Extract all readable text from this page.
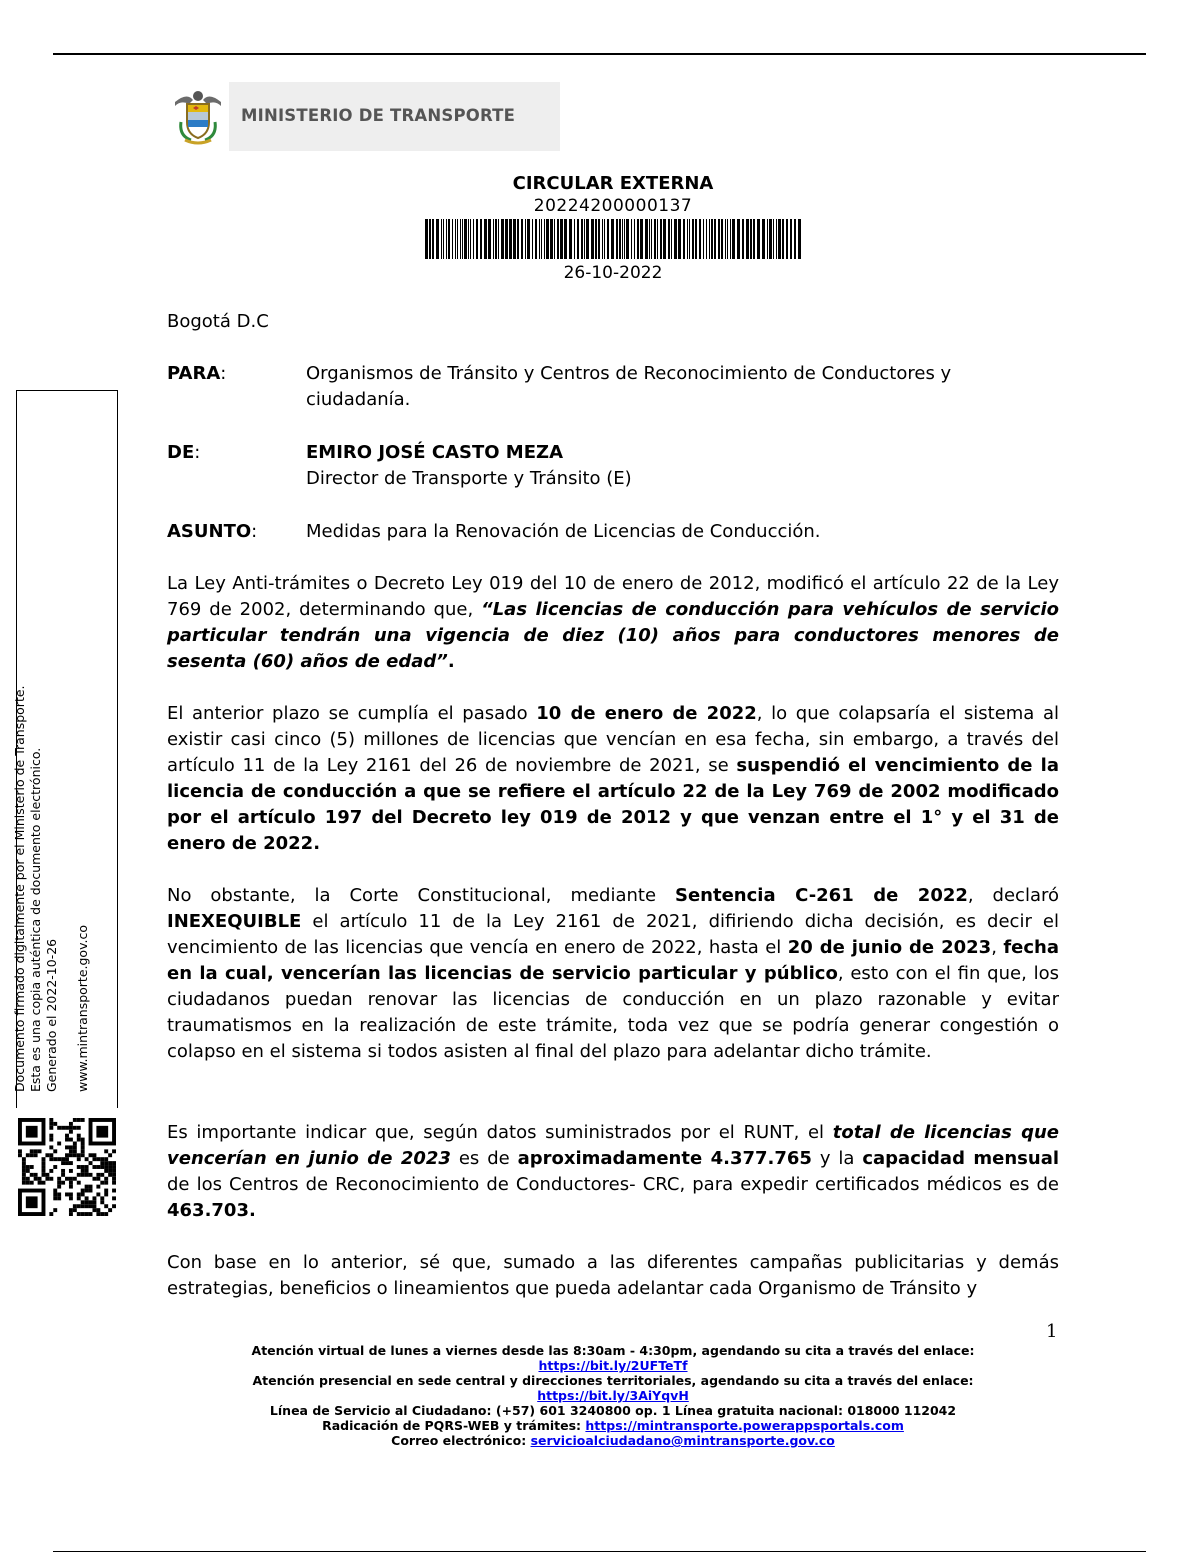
MINISTERIO DE TRANSPORTE
CIRCULAR EXTERNA
20224200000137
26-10-2022
Bogotá D.C
PARA:	Organismos de Tránsito y Centros de Reconocimiento de Conductores y ciudadanía.
DE:	EMIRO JOSÉ CASTO MEZA
Director de Transporte y Tránsito (E)
ASUNTO:	Medidas para la Renovación de Licencias de Conducción.
La Ley Anti-trámites o Decreto Ley 019 del 10 de enero de 2012, modificó el artículo 22 de la Ley 769 de 2002, determinando que, “Las licencias de conducción para vehículos de servicio particular tendrán una vigencia de diez (10) años para conductores menores de sesenta (60) años de edad”.
El anterior plazo se cumplía el pasado 10 de enero de 2022, lo que colapsaría el sistema al existir casi cinco (5) millones de licencias que vencían en esa fecha, sin embargo, a través del artículo 11 de la Ley 2161 del 26 de noviembre de 2021, se suspendió el vencimiento de la licencia de conducción a que se refiere el artículo 22 de la Ley 769 de 2002 modificado por el artículo 197 del Decreto ley 019 de 2012 y que venzan entre el 1° y el 31 de enero de 2022.
No obstante, la Corte Constitucional, mediante Sentencia C-261 de 2022, declaró INEXEQUIBLE el artículo 11 de la Ley 2161 de 2021, difiriendo dicha decisión, es decir el vencimiento de las licencias que vencía en enero de 2022, hasta el 20 de junio de 2023, fecha en la cual, vencerían las licencias de servicio particular y público, esto con el fin que, los ciudadanos puedan renovar las licencias de conducción en un plazo razonable y evitar traumatismos en la realización de este trámite, toda vez que se podría generar congestión o colapso en el sistema si todos asisten al final del plazo para adelantar dicho trámite.
Es importante indicar que, según datos suministrados por el RUNT, el total de licencias que vencerían en junio de 2023 es de aproximadamente 4.377.765 y la capacidad mensual de los Centros de Reconocimiento de Conductores- CRC, para expedir certificados médicos es de 463.703.
Con base en lo anterior, sé que, sumado a las diferentes campañas publicitarias y demás estrategias, beneficios o lineamientos que pueda adelantar cada Organismo de Tránsito y
Documento firmado digitalmente por el Ministerio de Transporte. Esta es una copia auténtica de documento electrónico. Generado el 2022-10-26 www.mintransporte.gov.co
1
Atención virtual de lunes a viernes desde las 8:30am - 4:30pm, agendando su cita a través del enlace:
https://bit.ly/2UFTeTf
Atención presencial en sede central y direcciones territoriales, agendando su cita a través del enlace:
https://bit.ly/3AiYqvH
Línea de Servicio al Ciudadano: (+57) 601 3240800 op. 1 Línea gratuita nacional: 018000 112042
Radicación de PQRS-WEB y trámites: https://mintransporte.powerappsportals.com
Correo electrónico: servicioalciudadano@mintransporte.gov.co
